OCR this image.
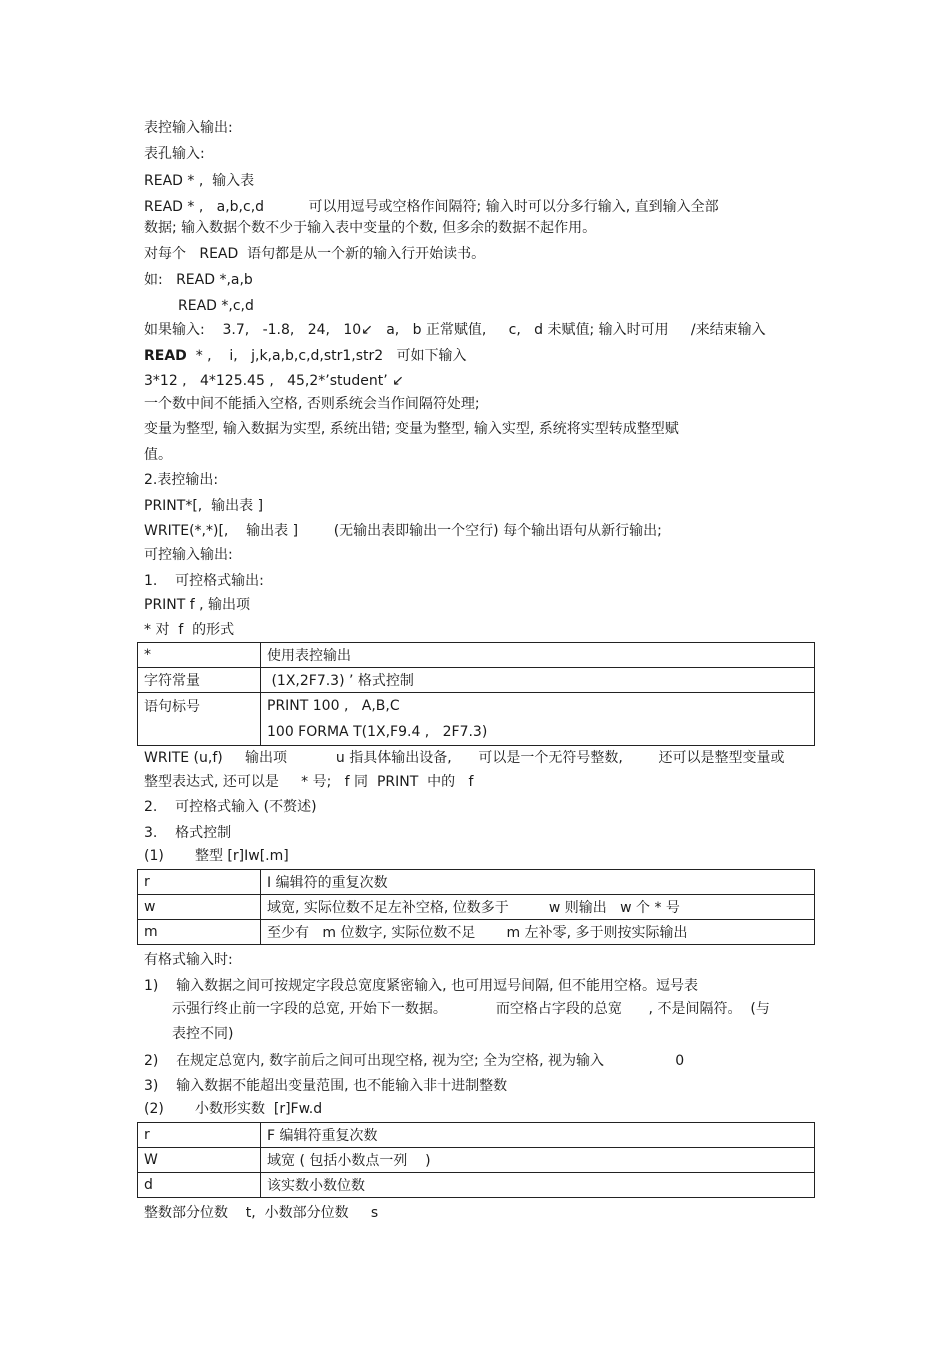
表控输入输出:
表孔输入:
READ * ,  输入表
READ * ,   a,b,c,d          可以用逗号或空格作间隔符; 输入时可以分多行输入, 直到输入全部
数据; 输入数据个数不少于输入表中变量的个数, 但多余的数据不起作用。
对每个   READ  语句都是从一个新的输入行开始读书。
如:   READ *,a,b
READ *,c,d
如果输入:    3.7,   -1.8,   24,   10↙   a,   b 正常赋值,     c,   d 未赋值; 输入时可用     /来结束输入
READ  * ,    i,   j,k,a,b,c,d,str1,str2   可如下输入
3*12 ,   4*125.45 ,   45,2*’student’ ↙
一个数中间不能插入空格, 否则系统会当作间隔符处理;
变量为整型, 输入数据为实型, 系统出错; 变量为整型, 输入实型, 系统将实型转成整型赋
值。
2.表控输出:
PRINT*[,  输出表 ]
WRITE(*,*)[,    输出表 ]        (无输出表即输出一个空行) 每个输出语句从新行输出;
可控输入输出:
1.    可控格式输出:
PRINT f , 输出项
* 对  f  的形式
*	使用表控输出
字符常量	(1X,2F7.3) ’ 格式控制
语句标号	PRINT 100 ,   A,B,C
100 FORMA T(1X,F9.4 ,   2F7.3)
WRITE (u,f)     输出项           u 指具体输出设备,      可以是一个无符号整数,        还可以是整型变量或
整型表达式, 还可以是     * 号;   f 同  PRINT  中的   f
2.    可控格式输入 (不赘述)
3.    格式控制
(1)       整型 [r]Iw[.m]
r	I 编辑符的重复次数
w	域宽, 实际位数不足左补空格, 位数多于         w 则输出   w 个 * 号
m	至少有   m 位数字, 实际位数不足       m 左补零, 多于则按实际输出
有格式输入时:
1)    输入数据之间可按规定字段总宽度紧密输入, 也可用逗号间隔, 但不能用空格。逗号表
示强行终止前一字段的总宽, 开始下一数据。           而空格占字段的总宽      , 不是间隔符。  (与
表控不同)
2)    在规定总宽内, 数字前后之间可出现空格, 视为空; 全为空格, 视为输入                0
3)    输入数据不能超出变量范围, 也不能输入非十进制整数
(2)       小数形实数  [r]Fw.d
r	F 编辑符重复次数
W	域宽 ( 包括小数点一列    )
d	该实数小数位数
整数部分位数    t,  小数部分位数     s
